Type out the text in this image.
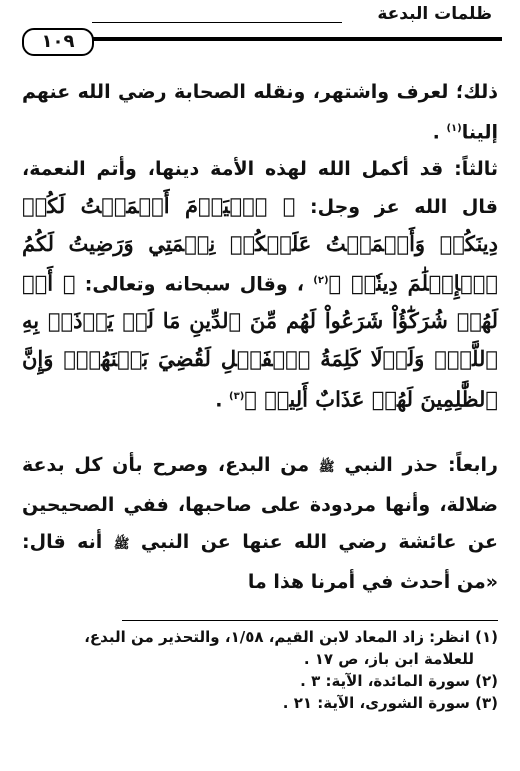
ظلمات البدعة
١٠٩

ذلك؛ لعرف واشتهر، ونقله الصحابة رضي الله عنهم إلينا$^{(١)}$ .

ثالثاً: قد أكمل الله لهذه الأمة دينها، وأتم النعمة، قال الله عز وجل: ﴿ ٱلۡيَوۡمَ أَكۡمَلۡتُ لَكُمۡ دِينَكُمۡ وَأَتۡمَمۡتُ عَلَيۡكُمۡ نِعۡمَتِي وَرَضِيتُ لَكُمُ ٱلۡإِسۡلَٰمَ دِينٗاۚ ﴾$^{(٢)}$ ، وقال سبحانه وتعالى: ﴿ أَمۡ لَهُمۡ شُرَكَٰٓؤُاْ شَرَعُواْ لَهُم مِّنَ ٱلدِّينِ مَا لَمۡ يَأۡذَنۢ بِهِ ٱللَّهُۚ وَلَوۡلَا كَلِمَةُ ٱلۡفَصۡلِ لَقُضِيَ بَيۡنَهُمۡۗ وَإِنَّ ٱلظَّٰلِمِينَ لَهُمۡ عَذَابٌ أَلِيمٞ ﴾$^{(٣)}$ .

رابعاً: حذر النبي ﷺ من البدع، وصرح بأن كل بدعة ضلالة، وأنها مردودة على صاحبها، ففي الصحيحين عن عائشة رضي الله عنها عن النبي ﷺ أنه قال: «من أحدث في أمرنا هذا ما

(١) انظر: زاد المعاد لابن القيم، ١/٥٨، والتحذير من البدع،
للعلامة ابن باز، ص ١٧ .
(٢) سورة المائدة، الآية: ٣ .
(٣) سورة الشورى، الآية: ٢١ .
